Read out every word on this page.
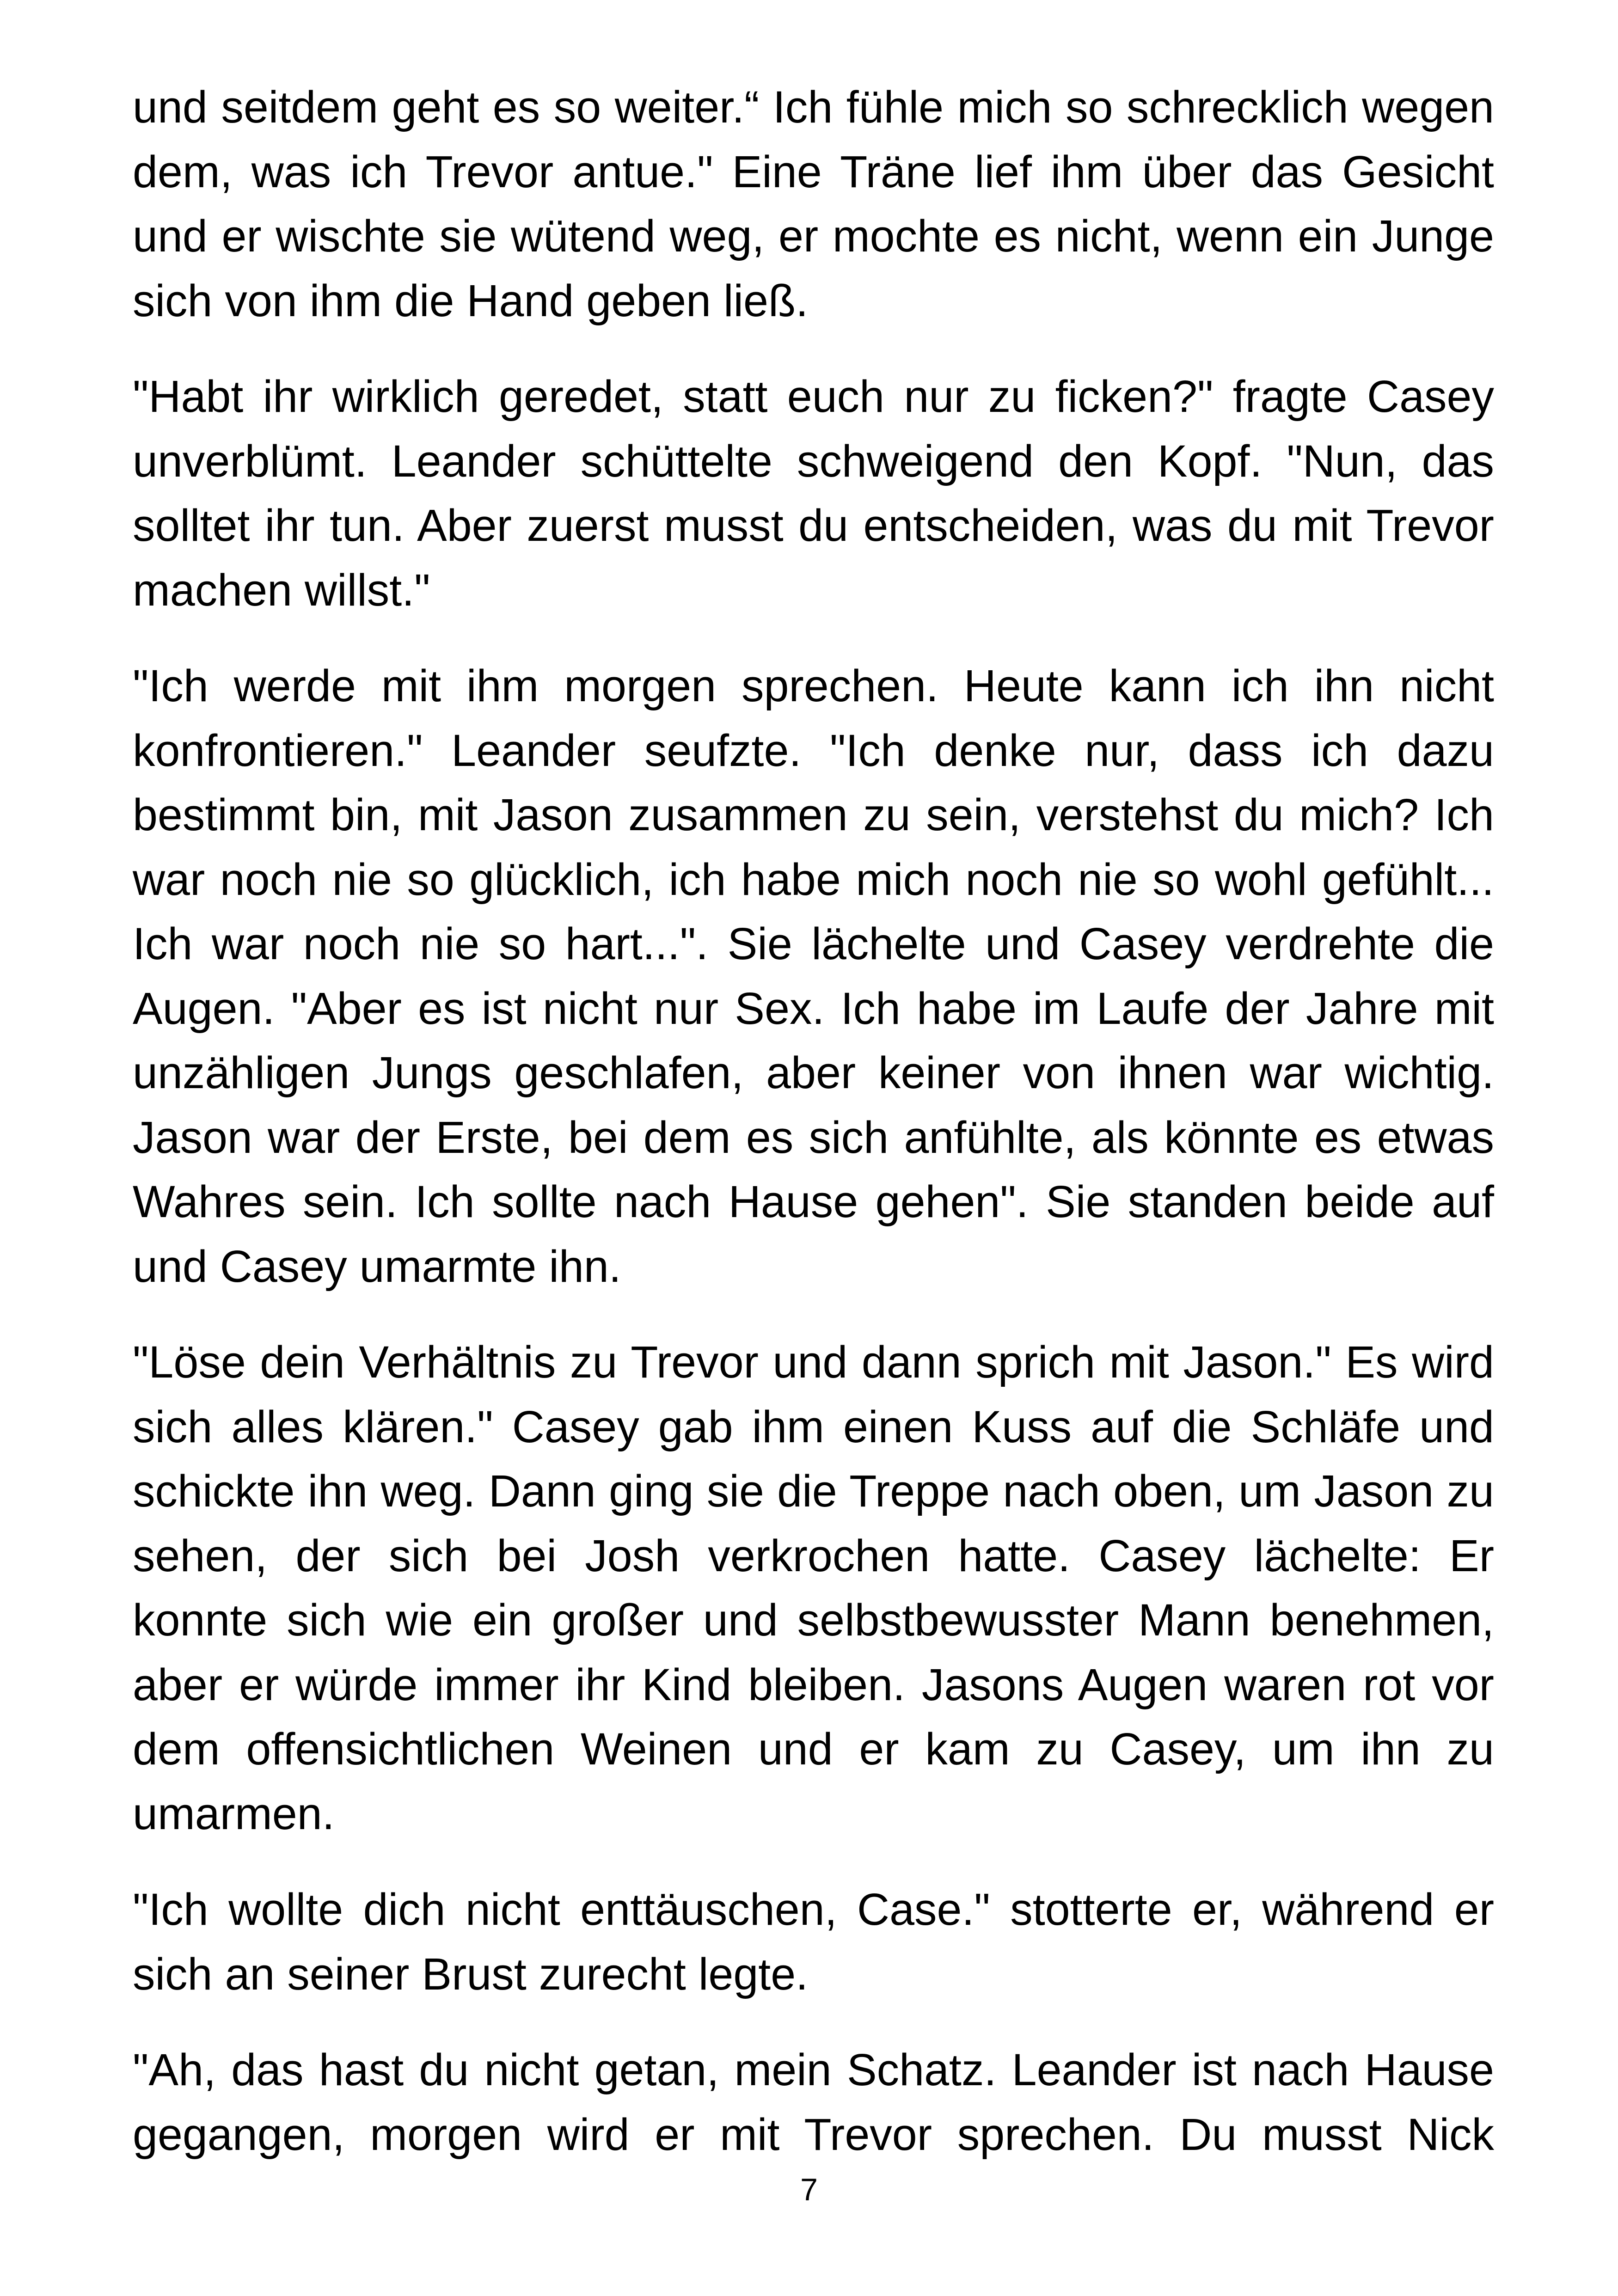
und seitdem geht es so weiter.“ Ich fühle mich so schrecklich wegen dem, was ich Trevor antue." Eine Träne lief ihm über das Gesicht und er wischte sie wütend weg, er mochte es nicht, wenn ein Junge sich von ihm die Hand geben ließ.

"Habt ihr wirklich geredet, statt euch nur zu ficken?" fragte Casey unverblümt. Leander schüttelte schweigend den Kopf. "Nun, das solltet ihr tun. Aber zuerst musst du entscheiden, was du mit Trevor machen willst."

"Ich werde mit ihm morgen sprechen. Heute kann ich ihn nicht konfrontieren." Leander seufzte. "Ich denke nur, dass ich dazu bestimmt bin, mit Jason zusammen zu sein, verstehst du mich? Ich war noch nie so glücklich, ich habe mich noch nie so wohl gefühlt... Ich war noch nie so hart...". Sie lächelte und Casey verdrehte die Augen. "Aber es ist nicht nur Sex. Ich habe im Laufe der Jahre mit unzähligen Jungs geschlafen, aber keiner von ihnen war wichtig. Jason war der Erste, bei dem es sich anfühlte, als könnte es etwas Wahres sein. Ich sollte nach Hause gehen". Sie standen beide auf und Casey umarmte ihn.

"Löse dein Verhältnis zu Trevor und dann sprich mit Jason." Es wird sich alles klären." Casey gab ihm einen Kuss auf die Schläfe und schickte ihn weg. Dann ging sie die Treppe nach oben, um Jason zu sehen, der sich bei Josh verkrochen hatte. Casey lächelte: Er konnte sich wie ein großer und selbstbewusster Mann benehmen, aber er würde immer ihr Kind bleiben. Jasons Augen waren rot vor dem offensichtlichen Weinen und er kam zu Casey, um ihn zu umarmen.

"Ich wollte dich nicht enttäuschen, Case." stotterte er, während er sich an seiner Brust zurecht legte.

"Ah, das hast du nicht getan, mein Schatz. Leander ist nach Hause gegangen, morgen wird er mit Trevor sprechen. Du musst Nick

7
